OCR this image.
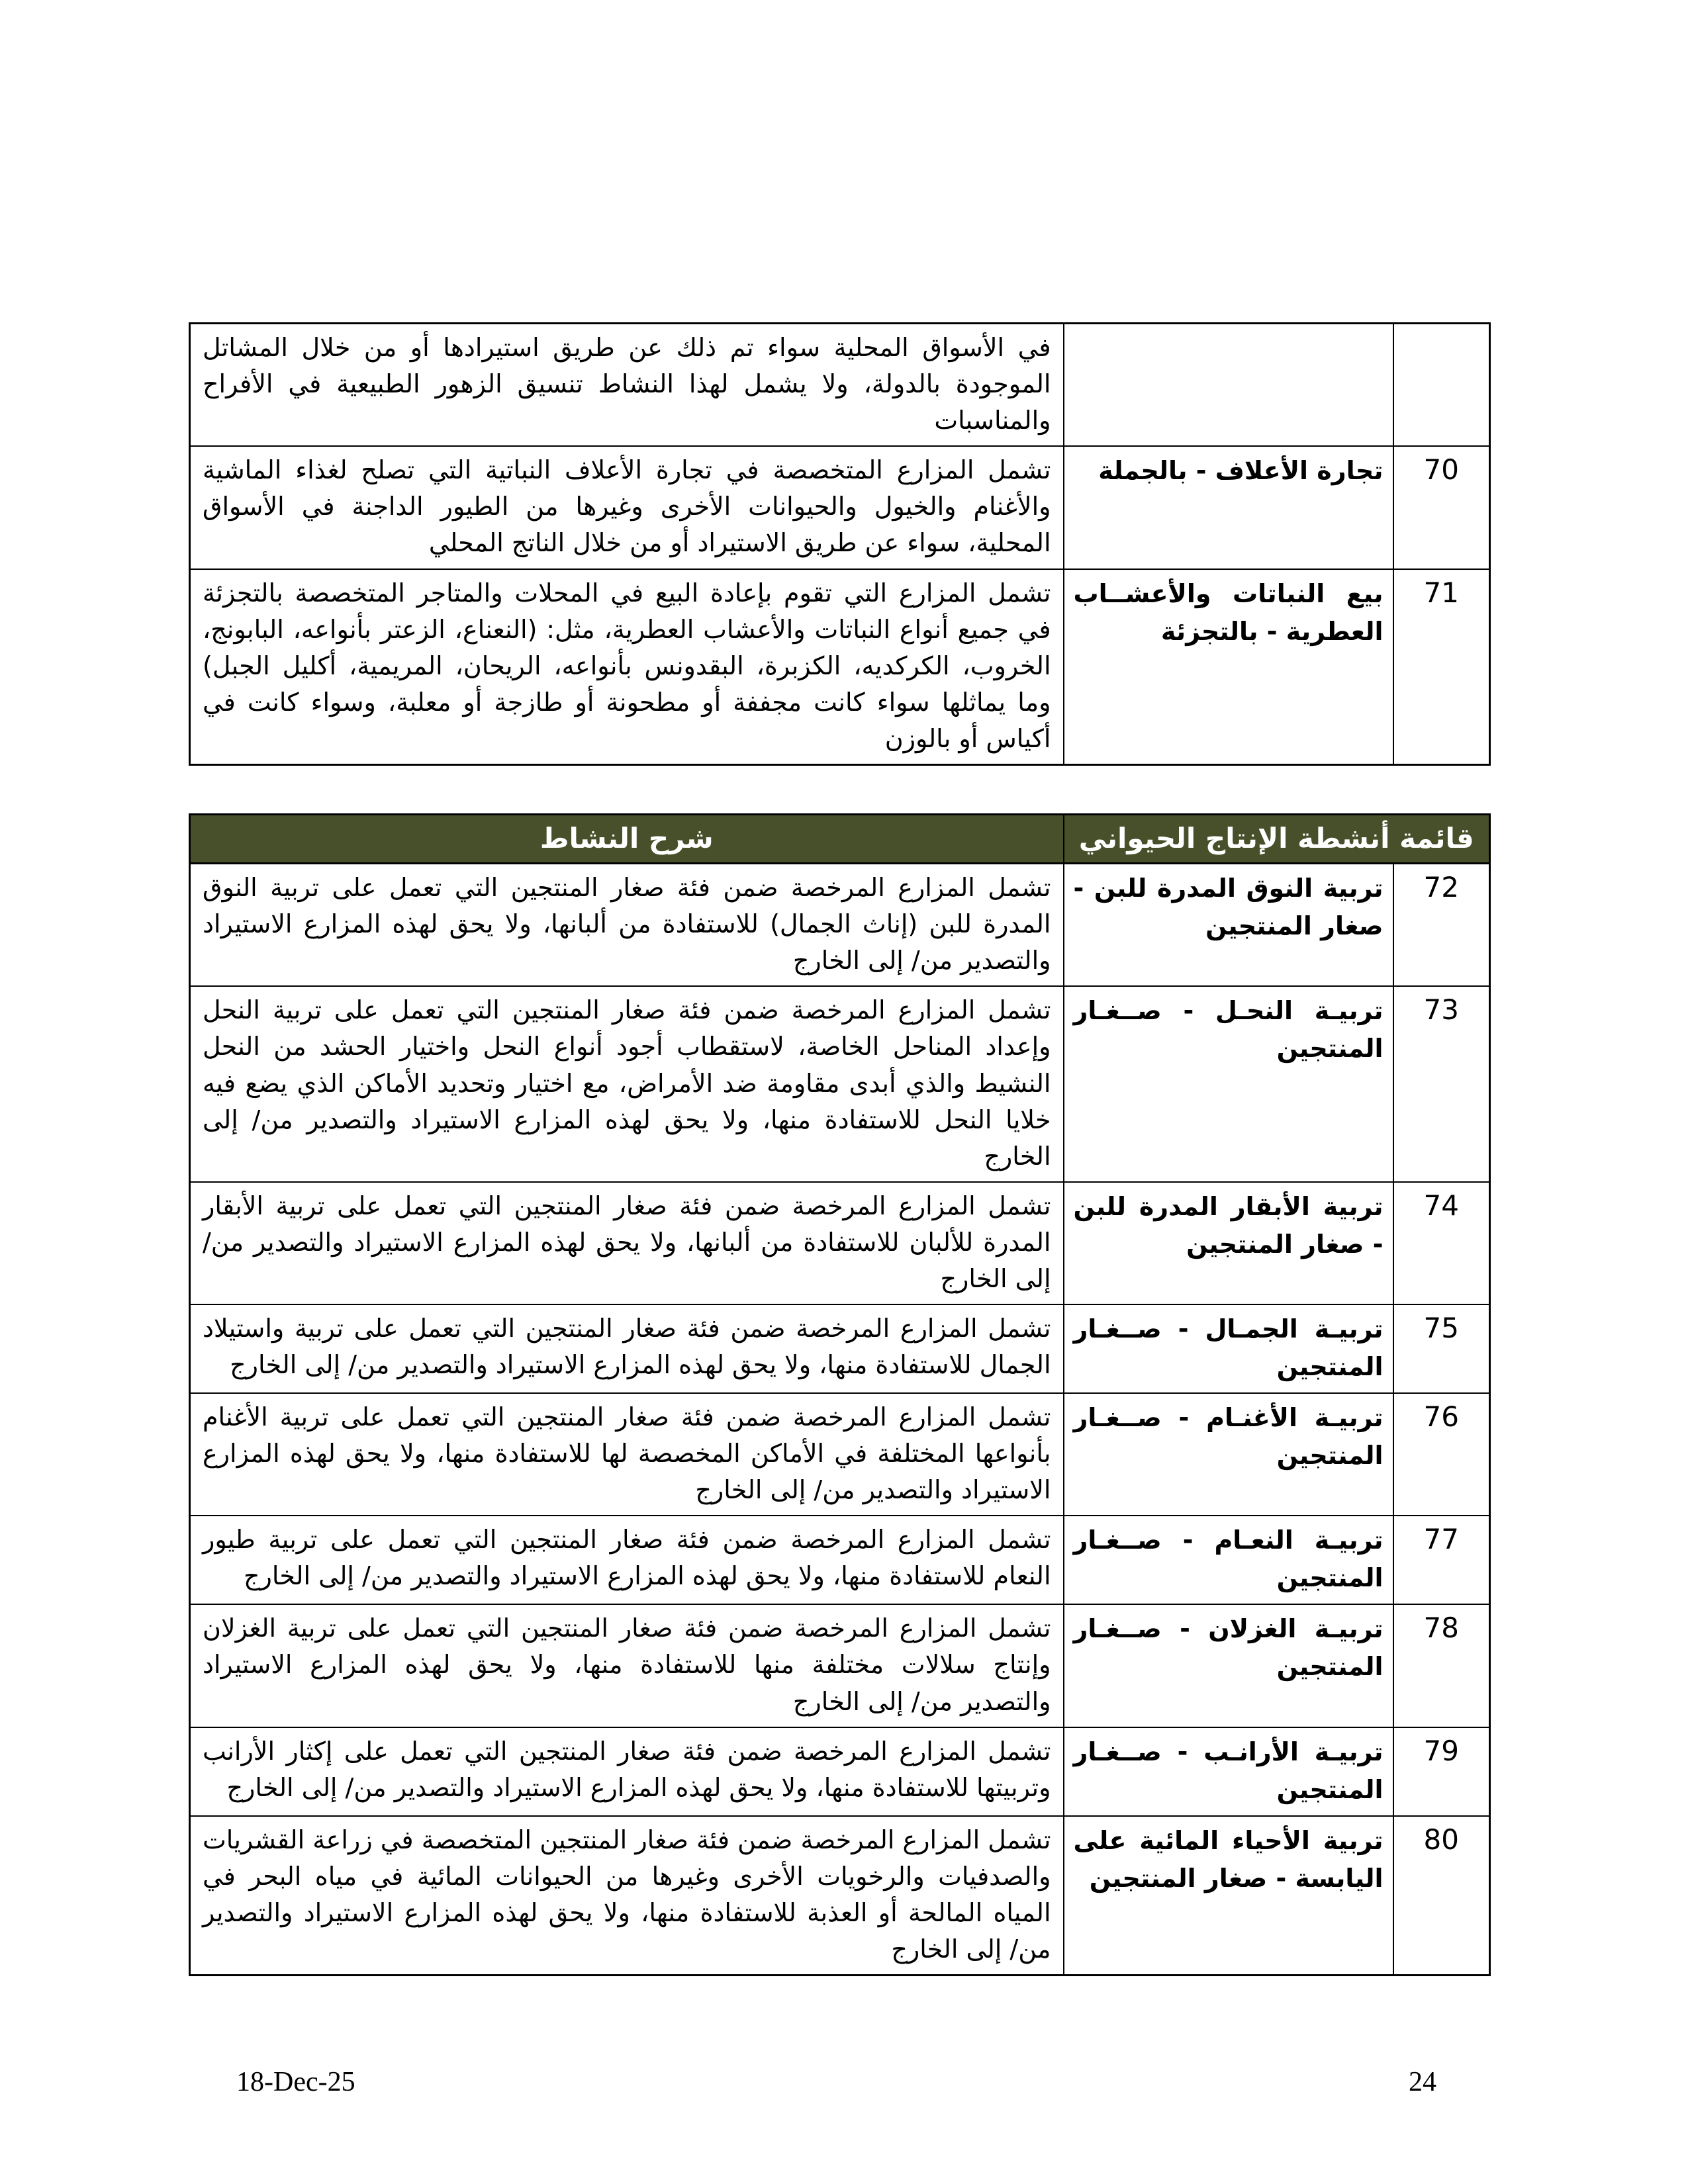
		في الأسواق المحلية سواء تم ذلك عن طريق استيرادها أو من خلال المشاتل الموجودة بالدولة، ولا يشمل لهذا النشاط تنسيق الزهور الطبيعية في الأفراح والمناسبات
70	تجارة الأعلاف - بالجملة	تشمل المزارع المتخصصة في تجارة الأعلاف النباتية التي تصلح لغذاء الماشية والأغنام والخيول والحيوانات الأخرى وغيرها من الطيور الداجنة في الأسواق المحلية، سواء عن طريق الاستيراد أو من خلال الناتج المحلي
71	بيع النباتات والأعشــاب العطرية - بالتجزئة	تشمل المزارع التي تقوم بإعادة البيع في المحلات والمتاجر المتخصصة بالتجزئة في جميع أنواع النباتات والأعشاب العطرية، مثل: (النعناع، الزعتر بأنواعه، البابونج، الخروب، الكركديه، الكزبرة، البقدونس بأنواعه، الريحان، المريمية، أكليل الجبل) وما يماثلها سواء كانت مجففة أو مطحونة أو طازجة أو معلبة، وسواء كانت في أكياس أو بالوزن
قائمة أنشطة الإنتاج الحيواني		شرح النشاط
72	تربية النوق المدرة للبن - صغار المنتجين	تشمل المزارع المرخصة ضمن فئة صغار المنتجين التي تعمل على تربية النوق المدرة للبن (إناث الجمال) للاستفادة من ألبانها، ولا يحق لهذه المزارع الاستيراد والتصدير من/ إلى الخارج
73	تربيـة النحـل - صــغـار المنتجين	تشمل المزارع المرخصة ضمن فئة صغار المنتجين التي تعمل على تربية النحل وإعداد المناحل الخاصة، لاستقطاب أجود أنواع النحل واختيار الحشد من النحل النشيط والذي أبدى مقاومة ضد الأمراض، مع اختيار وتحديد الأماكن الذي يضع فيه خلايا النحل للاستفادة منها، ولا يحق لهذه المزارع الاستيراد والتصدير من/ إلى الخارج
74	تربية الأبقار المدرة للبن - صغار المنتجين	تشمل المزارع المرخصة ضمن فئة صغار المنتجين التي تعمل على تربية الأبقار المدرة للألبان للاستفادة من ألبانها، ولا يحق لهذه المزارع الاستيراد والتصدير من/ إلى الخارج
75	تربيـة الجمـال - صــغـار المنتجين	تشمل المزارع المرخصة ضمن فئة صغار المنتجين التي تعمل على تربية واستيلاد الجمال للاستفادة منها، ولا يحق لهذه المزارع الاستيراد والتصدير من/ إلى الخارج
76	تربيـة الأغنـام - صــغـار المنتجين	تشمل المزارع المرخصة ضمن فئة صغار المنتجين التي تعمل على تربية الأغنام بأنواعها المختلفة في الأماكن المخصصة لها للاستفادة منها، ولا يحق لهذه المزارع الاستيراد والتصدير من/ إلى الخارج
77	تربيـة النعـام - صــغـار المنتجين	تشمل المزارع المرخصة ضمن فئة صغار المنتجين التي تعمل على تربية طيور النعام للاستفادة منها، ولا يحق لهذه المزارع الاستيراد والتصدير من/ إلى الخارج
78	تربيـة الغزلان - صــغـار المنتجين	تشمل المزارع المرخصة ضمن فئة صغار المنتجين التي تعمل على تربية الغزلان وإنتاج سلالات مختلفة منها للاستفادة منها، ولا يحق لهذه المزارع الاستيراد والتصدير من/ إلى الخارج
79	تربيـة الأرانـب - صــغـار المنتجين	تشمل المزارع المرخصة ضمن فئة صغار المنتجين التي تعمل على إكثار الأرانب وتربيتها للاستفادة منها، ولا يحق لهذه المزارع الاستيراد والتصدير من/ إلى الخارج
80	تربية الأحياء المائية على اليابسة - صغار المنتجين	تشمل المزارع المرخصة ضمن فئة صغار المنتجين المتخصصة في زراعة القشريات والصدفيات والرخويات الأخرى وغيرها من الحيوانات المائية في مياه البحر في المياه المالحة أو العذبة للاستفادة منها، ولا يحق لهذه المزارع الاستيراد والتصدير من/ إلى الخارج
18-Dec-25	24
